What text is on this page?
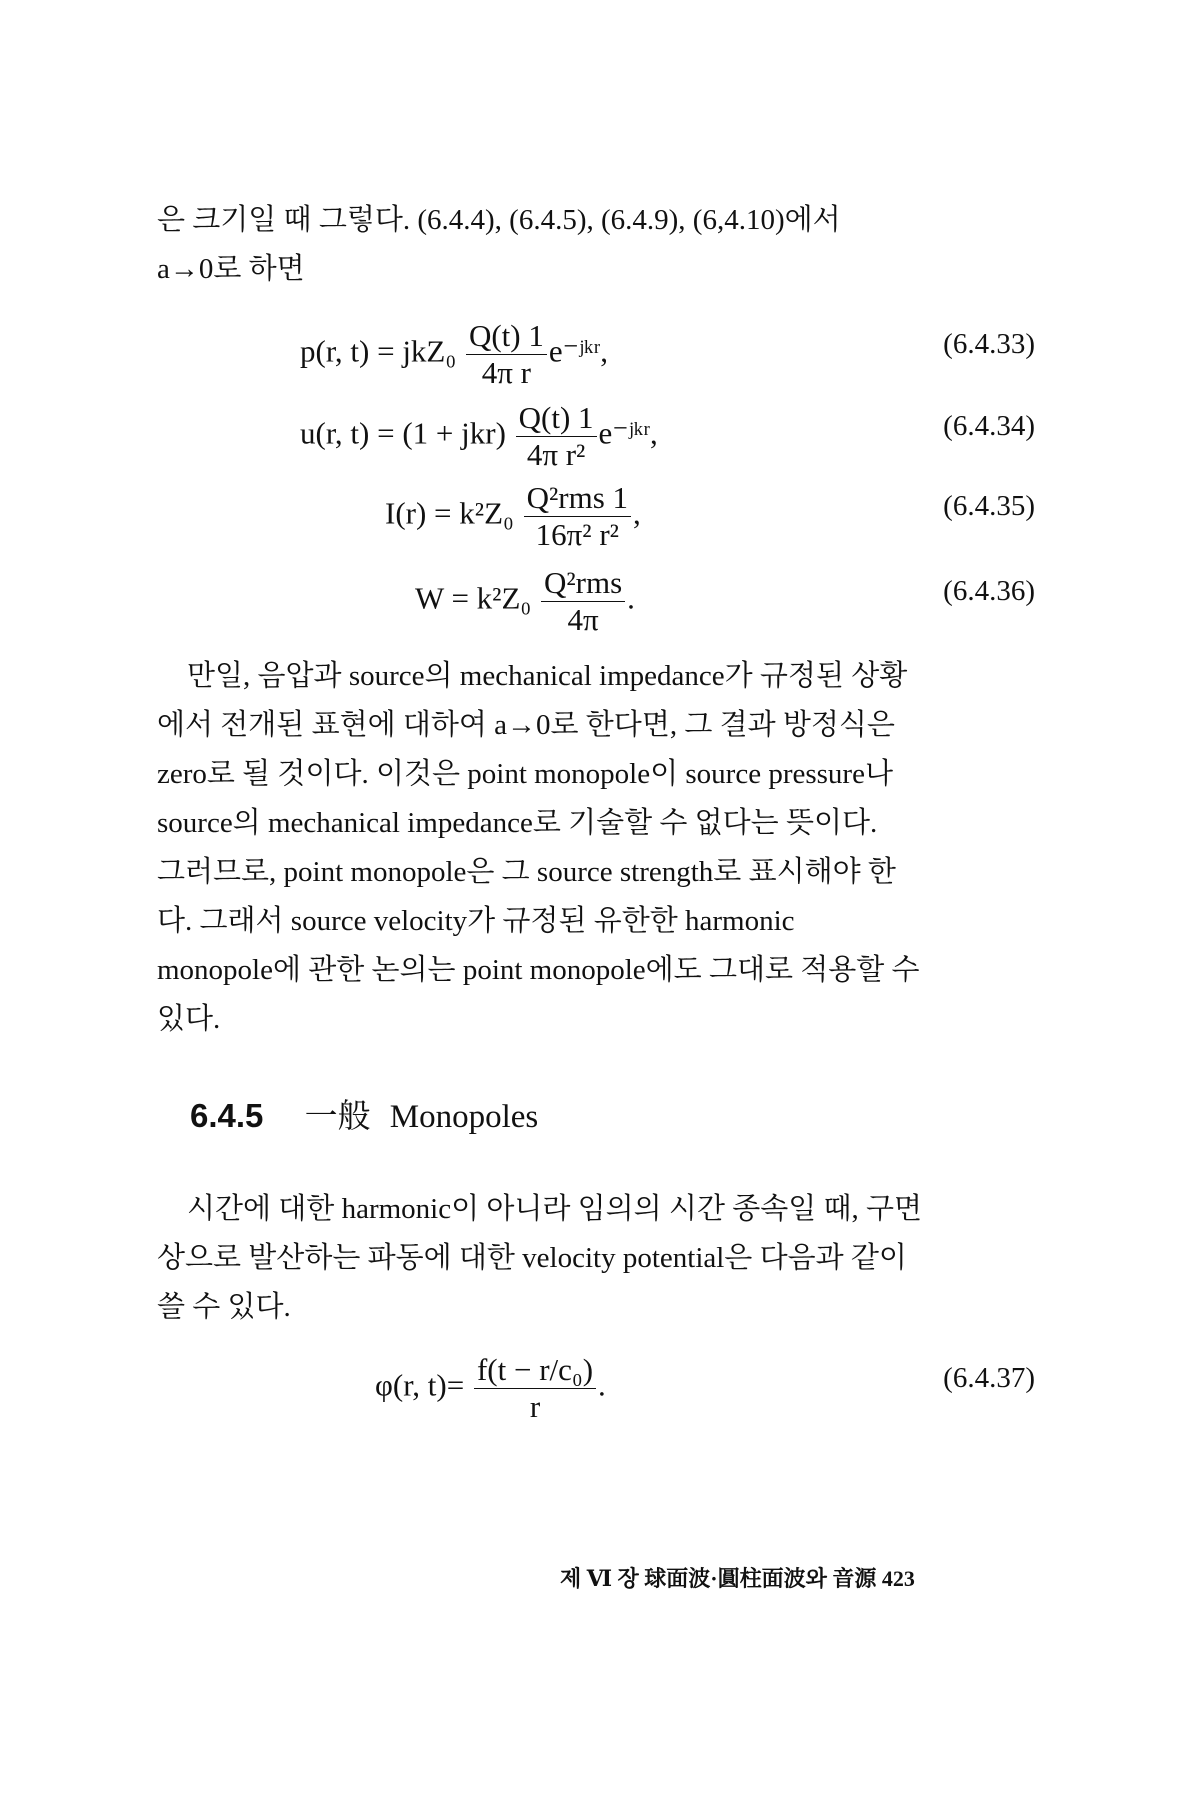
은 크기일 때 그렇다. (6.4.4), (6.4.5), (6.4.9), (6,4.10)에서
a→0로 하면

p(r, $t) = jkZ_0 \frac{Q(t) 1}{\text{4π r}}$ e⁻ʲᵏʳ,	(6.4.33)
u(r, $t) = (1 + jkr) \frac{Q(t) 1}{\text{4π r²}}$ e⁻ʲᵏʳ,	(6.4.34)
$I(r) = k^2Z_0 \frac{\text{Q²rms 1}}{\text{16π² r²}}$ ,	(6.4.35)
$W = k^2Z_0 \frac{\text{Q²rms}}{4\pi}$ .	(6.4.36)

만일, 음압과 source의 mechanical impedance가 규정된 상황
에서 전개된 표현에 대하여 a→0로 한다면, 그 결과 방정식은
zero로 될 것이다. 이것은 point monopole이 source pressure나
source의 mechanical impedance로 기술할 수 없다는 뜻이다.
그러므로, point monopole은 그 source strength로 표시해야 한
다. 그래서 source velocity가 규정된 유한한 harmonic
monopole에 관한 논의는 point monopole에도 그대로 적용할 수
있다.

6.4.5 一般 Monopoles

시간에 대한 harmonic이 아니라 임의의 시간 종속일 때, 구면
상으로 발산하는 파동에 대한 velocity potential은 다음과 같이
쓸 수 있다.

φ(r, $t)= \frac{\text{f(t − r/c₀)}}{r}$ .	(6.4.37)
제 Ⅵ 장 球面波·圓柱面波와 音源 423
